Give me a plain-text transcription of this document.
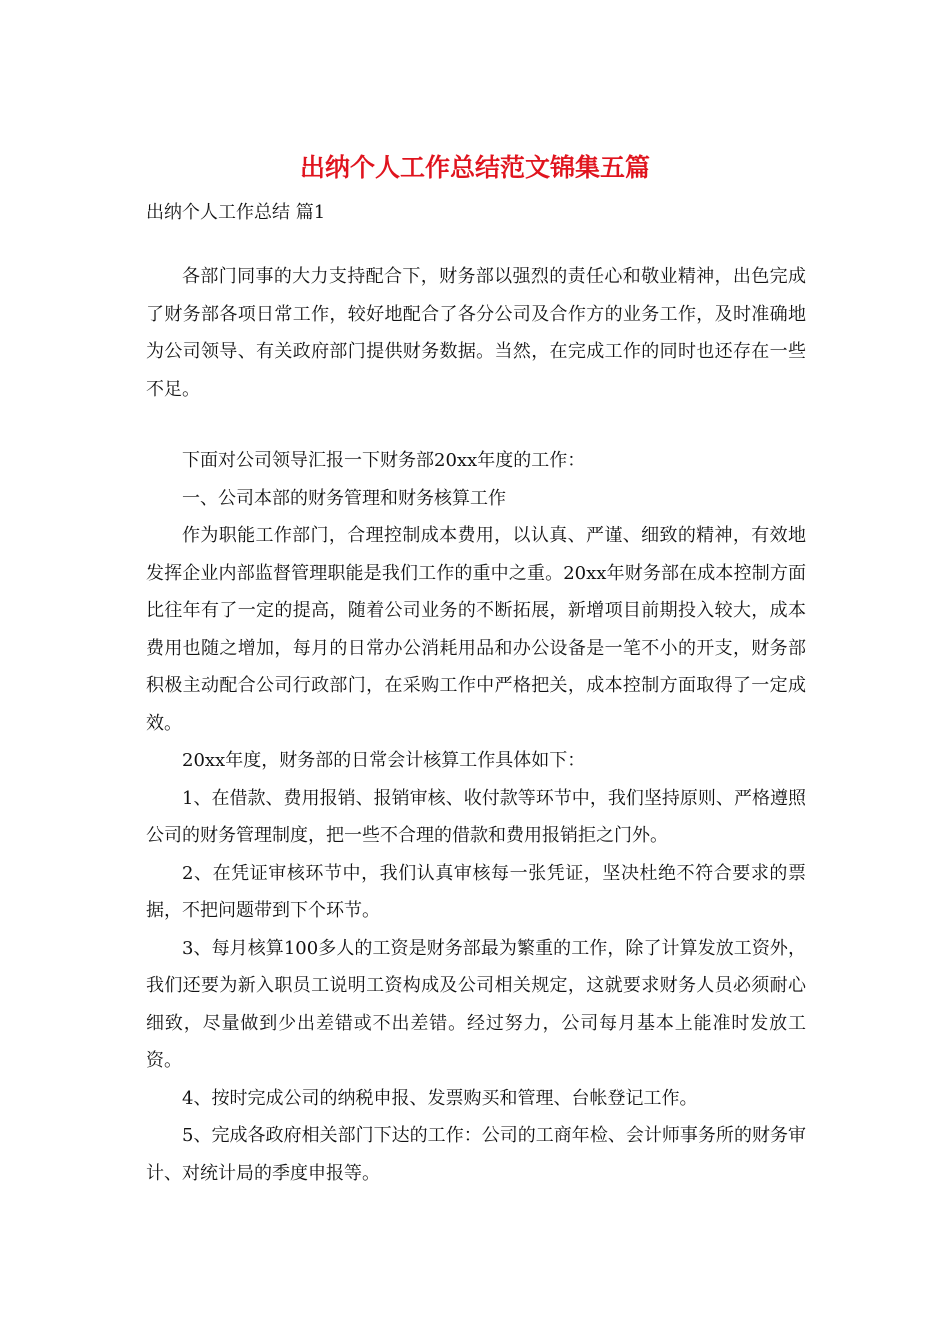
出纳个人工作总结范文锦集五篇
出纳个人工作总结 篇1

各部门同事的大力支持配合下，财务部以强烈的责任心和敬业精神，出色完成了财务部各项日常工作，较好地配合了各分公司及合作方的业务工作，及时准确地为公司领导、有关政府部门提供财务数据。当然，在完成工作的同时也还存在一些不足。

下面对公司领导汇报一下财务部20xx年度的工作：

一、公司本部的财务管理和财务核算工作

作为职能工作部门，合理控制成本费用，以认真、严谨、细致的精神，有效地发挥企业内部监督管理职能是我们工作的重中之重。20xx年财务部在成本控制方面比往年有了一定的提高，随着公司业务的不断拓展，新增项目前期投入较大，成本费用也随之增加，每月的日常办公消耗用品和办公设备是一笔不小的开支，财务部积极主动配合公司行政部门，在采购工作中严格把关，成本控制方面取得了一定成效。

20xx年度，财务部的日常会计核算工作具体如下：

1、在借款、费用报销、报销审核、收付款等环节中，我们坚持原则、严格遵照公司的财务管理制度，把一些不合理的借款和费用报销拒之门外。

2、在凭证审核环节中，我们认真审核每一张凭证，坚决杜绝不符合要求的票据，不把问题带到下个环节。

3、每月核算100多人的工资是财务部最为繁重的工作，除了计算发放工资外，我们还要为新入职员工说明工资构成及公司相关规定，这就要求财务人员必须耐心细致，尽量做到少出差错或不出差错。经过努力，公司每月基本上能准时发放工资。

4、按时完成公司的纳税申报、发票购买和管理、台帐登记工作。

5、完成各政府相关部门下达的工作：公司的工商年检、会计师事务所的财务审计、对统计局的季度申报等。
